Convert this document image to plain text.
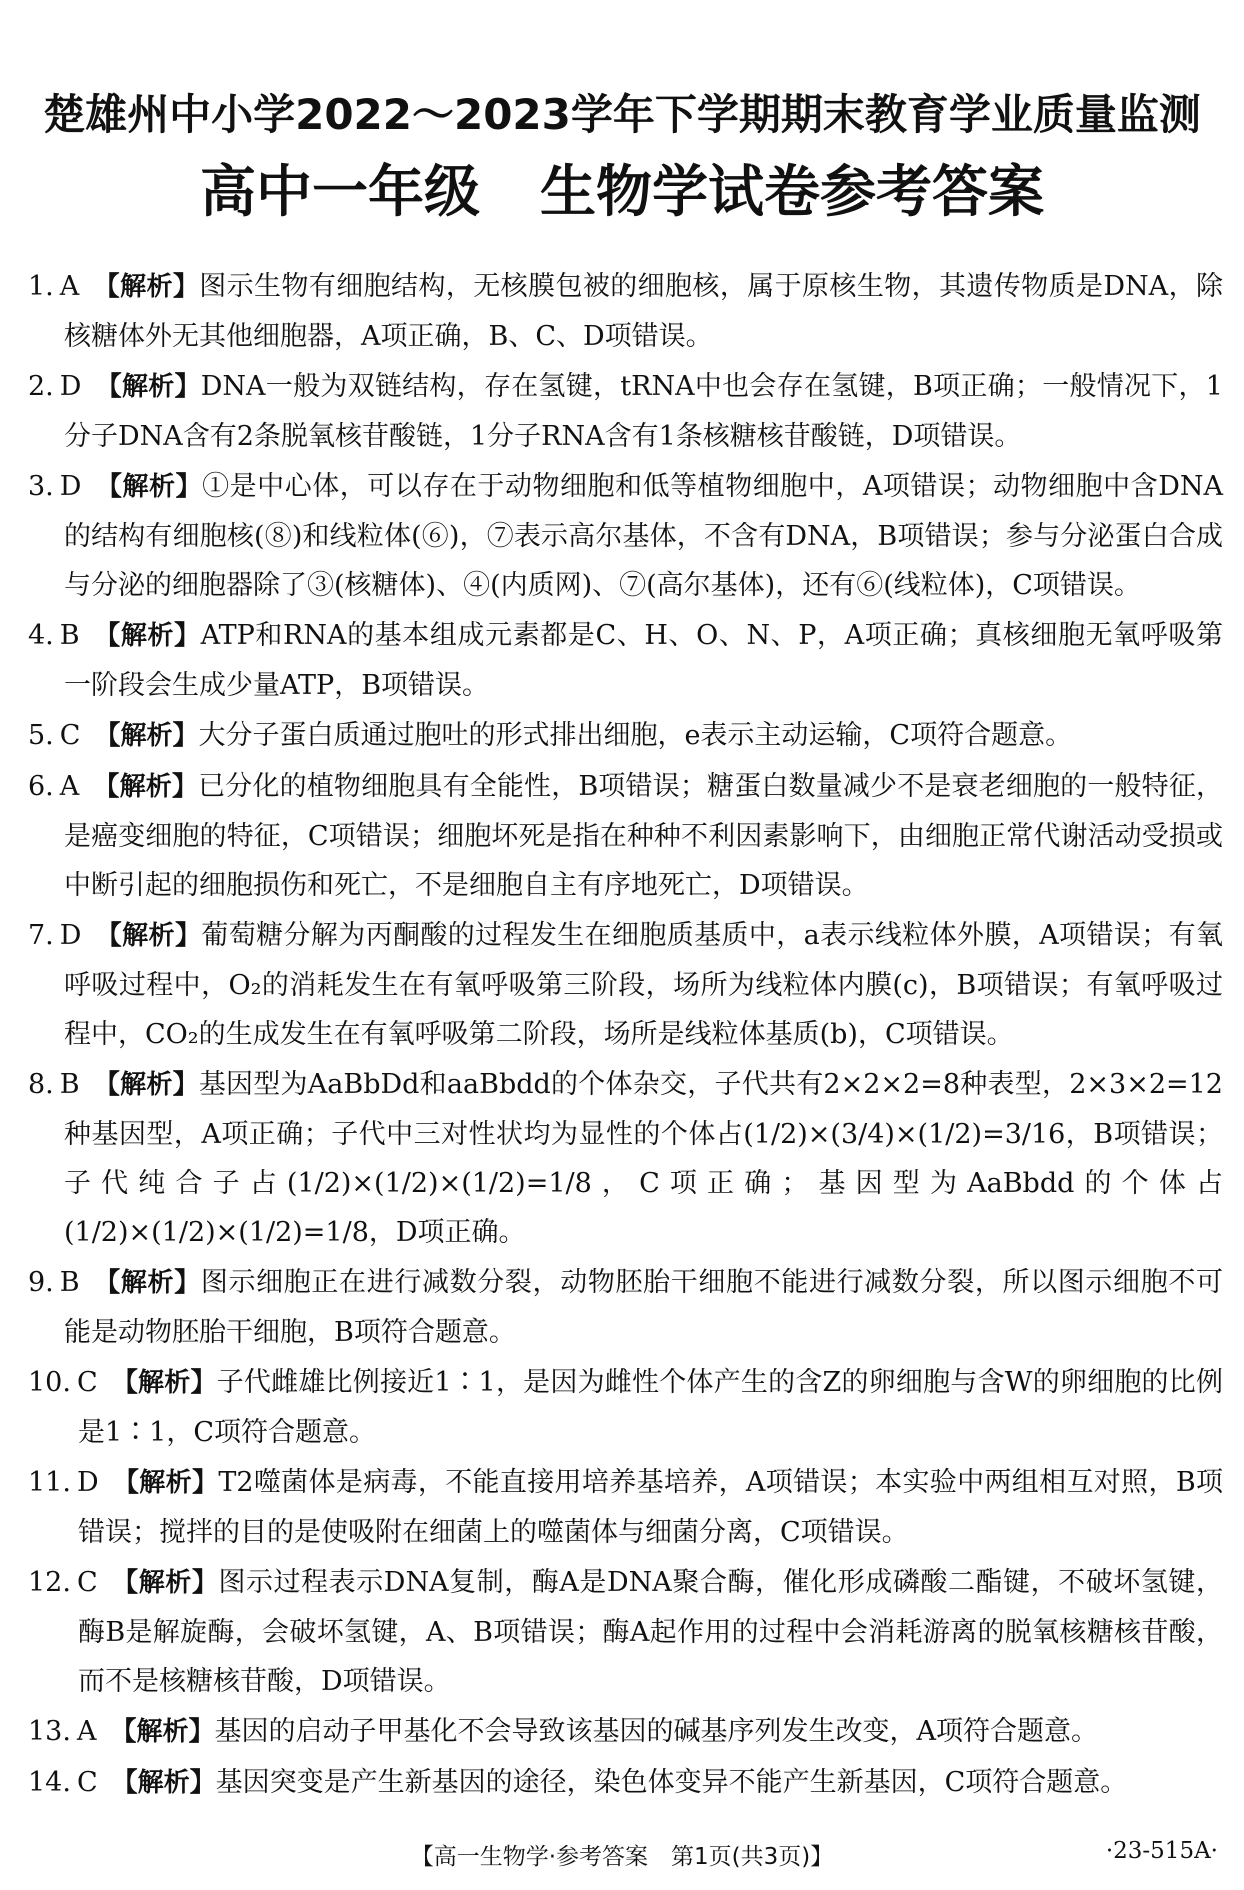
楚雄州中小学2022～2023学年下学期期末教育学业质量监测
高中一年级 生物学试卷参考答案
1. A 【解析】图示生物有细胞结构，无核膜包被的细胞核，属于原核生物，其遗传物质是DNA，除核糖体外无其他细胞器，A项正确，B、C、D项错误。
2. D 【解析】DNA一般为双链结构，存在氢键，tRNA中也会存在氢键，B项正确；一般情况下，1分子DNA含有2条脱氧核苷酸链，1分子RNA含有1条核糖核苷酸链，D项错误。
3. D 【解析】①是中心体，可以存在于动物细胞和低等植物细胞中，A项错误；动物细胞中含DNA的结构有细胞核(⑧)和线粒体(⑥)，⑦表示高尔基体，不含有DNA，B项错误；参与分泌蛋白合成与分泌的细胞器除了③(核糖体)、④(内质网)、⑦(高尔基体)，还有⑥(线粒体)，C项错误。
4. B 【解析】ATP和RNA的基本组成元素都是C、H、O、N、P，A项正确；真核细胞无氧呼吸第一阶段会生成少量ATP，B项错误。
5. C 【解析】大分子蛋白质通过胞吐的形式排出细胞，e表示主动运输，C项符合题意。
6. A 【解析】已分化的植物细胞具有全能性，B项错误；糖蛋白数量减少不是衰老细胞的一般特征，是癌变细胞的特征，C项错误；细胞坏死是指在种种不利因素影响下，由细胞正常代谢活动受损或中断引起的细胞损伤和死亡，不是细胞自主有序地死亡，D项错误。
7. D 【解析】葡萄糖分解为丙酮酸的过程发生在细胞质基质中，a表示线粒体外膜，A项错误；有氧呼吸过程中，O₂的消耗发生在有氧呼吸第三阶段，场所为线粒体内膜(c)，B项错误；有氧呼吸过程中，CO₂的生成发生在有氧呼吸第二阶段，场所是线粒体基质(b)，C项错误。
8. B 【解析】基因型为AaBbDd和aaBbdd的个体杂交，子代共有2×2×2=8种表型，2×3×2=12种基因型，A项正确；子代中三对性状均为显性的个体占(1/2)×(3/4)×(1/2)=3/16，B项错误；子代纯合子占(1/2)×(1/2)×(1/2)=1/8，C项正确；基因型为AaBbdd的个体占(1/2)×(1/2)×(1/2)=1/8，D项正确。
9. B 【解析】图示细胞正在进行减数分裂，动物胚胎干细胞不能进行减数分裂，所以图示细胞不可能是动物胚胎干细胞，B项符合题意。
10. C 【解析】子代雌雄比例接近1∶1，是因为雌性个体产生的含Z的卵细胞与含W的卵细胞的比例是1∶1，C项符合题意。
11. D 【解析】T2噬菌体是病毒，不能直接用培养基培养，A项错误；本实验中两组相互对照，B项错误；搅拌的目的是使吸附在细菌上的噬菌体与细菌分离，C项错误。
12. C 【解析】图示过程表示DNA复制，酶A是DNA聚合酶，催化形成磷酸二酯键，不破坏氢键，酶B是解旋酶，会破坏氢键，A、B项错误；酶A起作用的过程中会消耗游离的脱氧核糖核苷酸，而不是核糖核苷酸，D项错误。
13. A 【解析】基因的启动子甲基化不会导致该基因的碱基序列发生改变，A项符合题意。
14. C 【解析】基因突变是产生新基因的途径，染色体变异不能产生新基因，C项符合题意。
【高一生物学·参考答案　第1页(共3页)】	·23-515A·
